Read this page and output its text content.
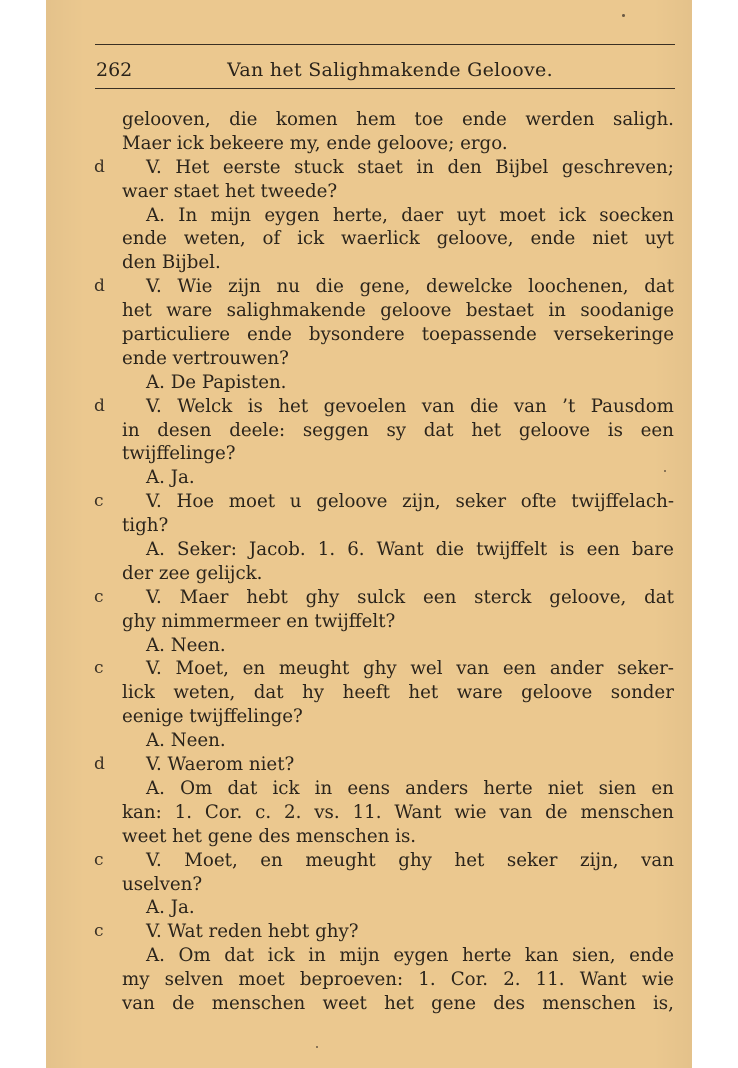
262	Van het Salighmakende Geloove.
gelooven, die komen hem toe ende werden saligh.
Maer ick bekeere my, ende geloove; ergo.
d V. Het eerste stuck staet in den Bijbel geschreven;
waer staet het tweede?
A. In mijn eygen herte, daer uyt moet ick soecken
ende weten, of ick waerlick geloove, ende niet uyt
den Bijbel.
d V. Wie zijn nu die gene, dewelcke loochenen, dat
het ware salighmakende geloove bestaet in soodanige
particuliere ende bysondere toepassende versekeringe
ende vertrouwen?
A. De Papisten.
d V. Welck is het gevoelen van die van ’t Pausdom
in desen deele: seggen sy dat het geloove is een
twijffelinge?
A. Ja.
c V. Hoe moet u geloove zijn, seker ofte twijffelach-
tigh?
A. Seker: Jacob. 1. 6. Want die twijffelt is een bare
der zee gelijck.
c V. Maer hebt ghy sulck een sterck geloove, dat
ghy nimmermeer en twijffelt?
A. Neen.
c V. Moet, en meught ghy wel van een ander seker-
lick weten, dat hy heeft het ware geloove sonder
eenige twijffelinge?
A. Neen.
d V. Waerom niet?
A. Om dat ick in eens anders herte niet sien en
kan: 1. Cor. c. 2. vs. 11. Want wie van de menschen
weet het gene des menschen is.
c V. Moet, en meught ghy het seker zijn, van
uselven?
A. Ja.
c V. Wat reden hebt ghy?
A. Om dat ick in mijn eygen herte kan sien, ende
my selven moet beproeven: 1. Cor. 2. 11. Want wie
van de menschen weet het gene des menschen is,
